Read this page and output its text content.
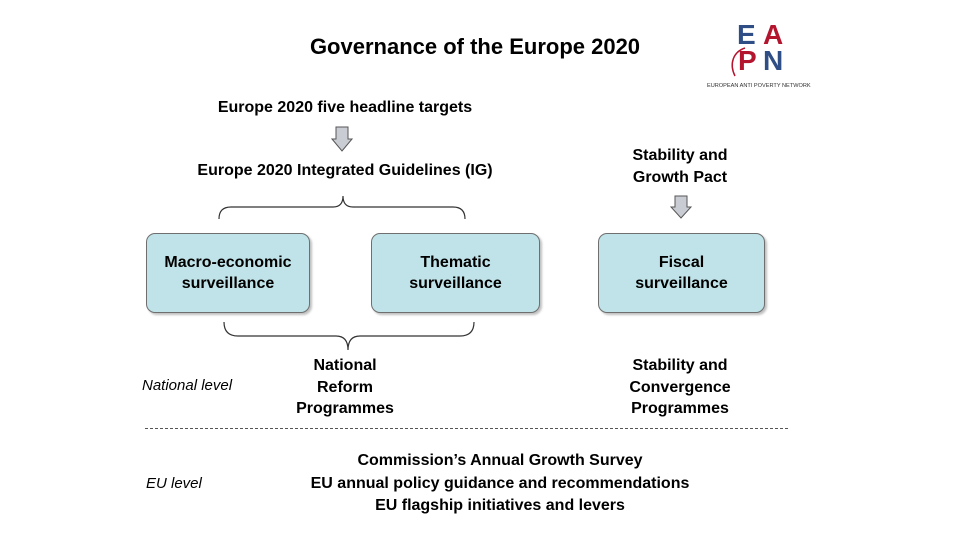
Governance of the Europe 2020	E A
P N
EUROPEAN ANTI POVERTY NETWORK
Europe 2020 five headline targets
Europe 2020 Integrated Guidelines (IG)
Stability and
Growth Pact
Macro-economic
surveillance
Thematic
surveillance
Fiscal
surveillance
National level
National
Reform
Programmes
Stability and
Convergence
Programmes
EU level
Commission’s Annual Growth Survey
EU annual policy guidance and recommendations
EU flagship initiatives and levers
